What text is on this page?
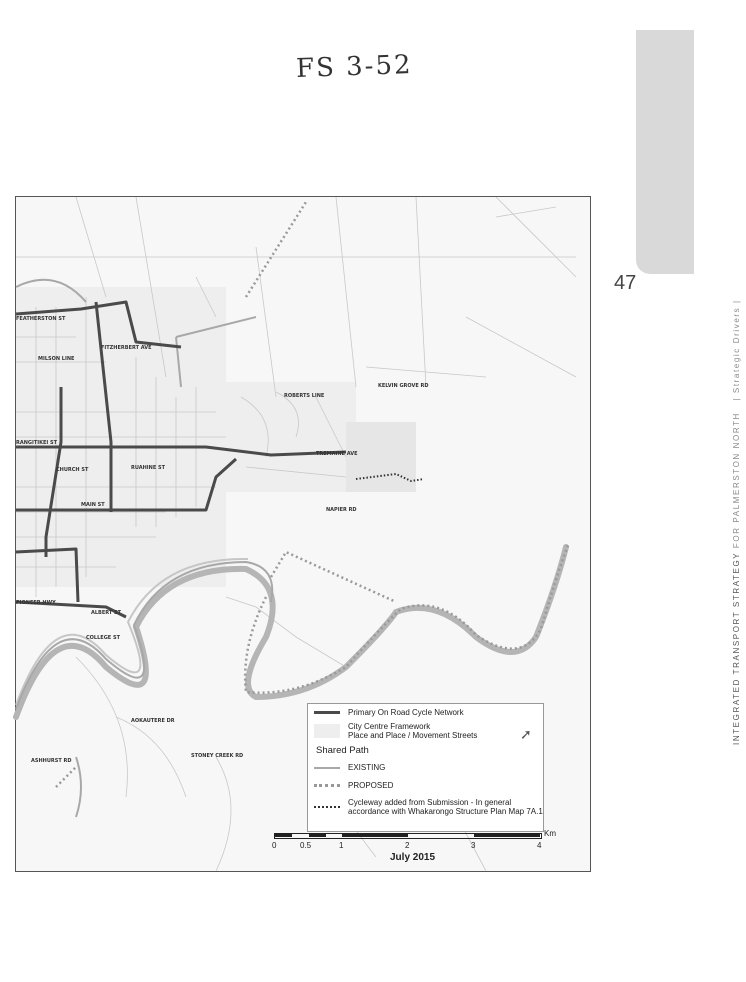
FS 3-52
47
INTEGRATED TRANSPORT STRATEGY FOR PALMERSTON NORTH   | Strategic Drivers |
KELVIN GROVE RD
NAPIER RD
TREMAINE AVE
MAIN ST
RUAHINE ST
RANGITIKEI ST
FEATHERSTON ST
FITZHERBERT AVE
PIONEER HWY
ALBERT ST
COLLEGE ST
CHURCH ST
MILSON LINE
ROBERTS LINE
STONEY CREEK RD
AOKAUTERE DR
ASHHURST RD
Primary On Road Cycle Network
City Centre Framework
Place and Place / Movement Streets
Shared Path
EXISTING
PROPOSED
Cycleway added from Submission - In general
accordance with Whakarongo Structure Plan Map 7A.1
➚
0	0.5	1	2	3	4
Km
July 2015
